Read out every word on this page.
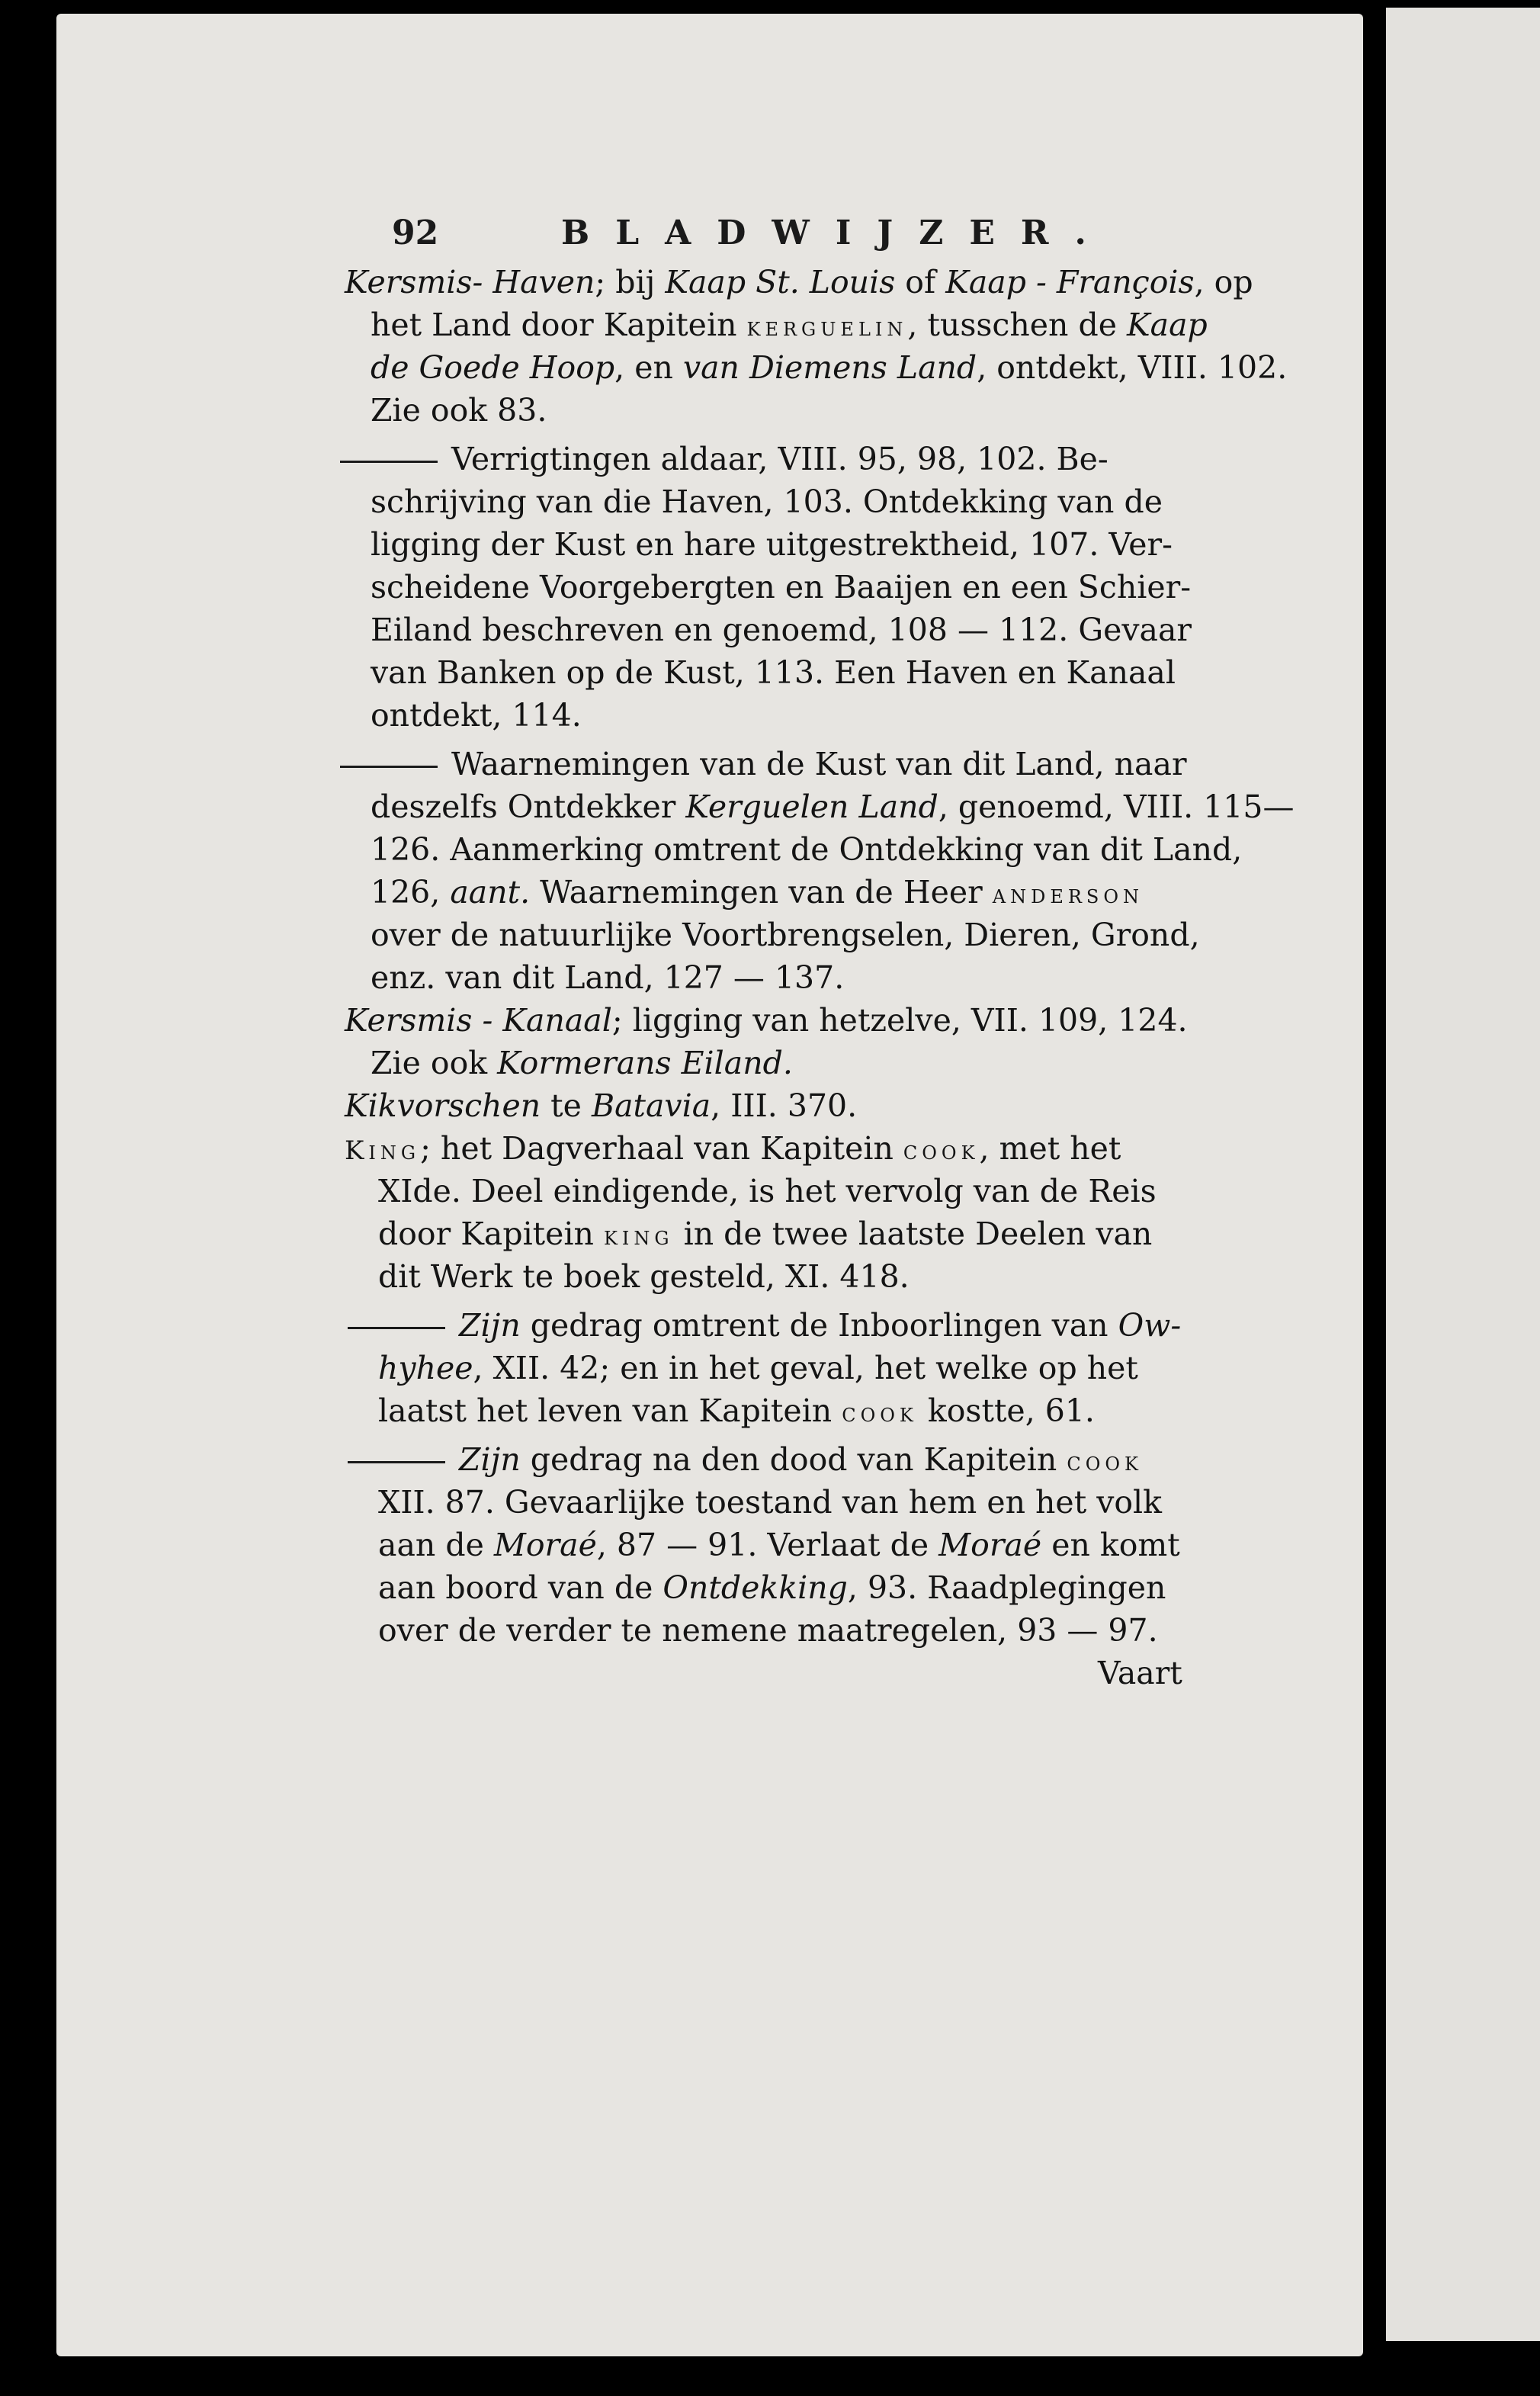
92	BLADWIJZER.
Kersmis- Haven; bij Kaap St. Louis of Kaap - François, op
het Land door Kapitein kerguelin, tusschen de Kaap
de Goede Hoop, en van Diemens Land, ontdekt, VIII. 102.
Zie ook 83.
Verrigtingen aldaar, VIII. 95, 98, 102. Be-
schrijving van die Haven, 103. Ontdekking van de
ligging der Kust en hare uitgestrektheid, 107. Ver-
scheidene Voorgebergten en Baaijen en een Schier-
Eiland beschreven en genoemd, 108 — 112. Gevaar
van Banken op de Kust, 113. Een Haven en Kanaal
ontdekt, 114.
Waarnemingen van de Kust van dit Land, naar
deszelfs Ontdekker Kerguelen Land, genoemd, VIII. 115—
126. Aanmerking omtrent de Ontdekking van dit Land,
126, aant. Waarnemingen van de Heer anderson
over de natuurlijke Voortbrengselen, Dieren, Grond,
enz. van dit Land, 127 — 137.
Kersmis - Kanaal; ligging van hetzelve, VII. 109, 124.
Zie ook Kormerans Eiland.
Kikvorschen te Batavia, III. 370.
King; het Dagverhaal van Kapitein cook, met het
XIde. Deel eindigende, is het vervolg van de Reis
door Kapitein king in de twee laatste Deelen van
dit Werk te boek gesteld, XI. 418.
Zijn gedrag omtrent de Inboorlingen van Ow-
hyhee, XII. 42; en in het geval, het welke op het
laatst het leven van Kapitein cook kostte, 61.
Zijn gedrag na den dood van Kapitein cook
XII. 87. Gevaarlijke toestand van hem en het volk
aan de Moraé, 87 — 91. Verlaat de Moraé en komt
aan boord van de Ontdekking, 93. Raadplegingen
over de verder te nemene maatregelen, 93 — 97.
Vaart
